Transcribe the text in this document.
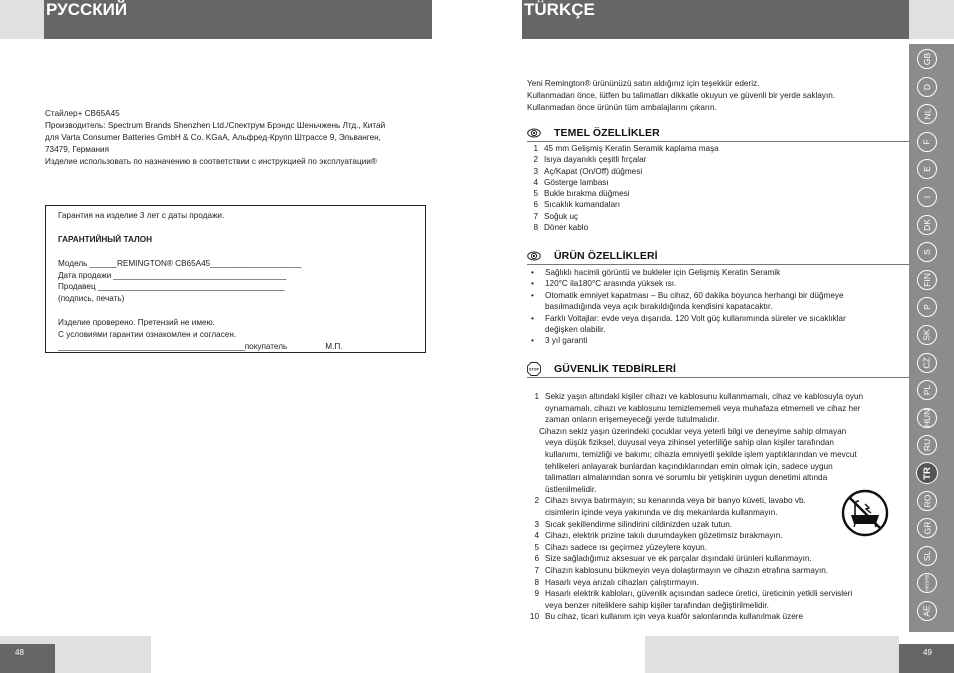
РУССКИЙ

Стайлер+ CB65A45

Производитель: Spectrum Brands Shenzhen Ltd./Спектрум Брэндс Шеньчжень Лтд., Китай

для Varta Consumer Batteries GmbH & Co. KGaA, Альфред-Крупп Штрассе 9, Эльванген,

73479, Германия

Изделие использовать по назначению в соответствии с инструкцией по эксплуатации®

Гарантия на изделие 3 лет с даты продажи.

ГАРАНТИЙНЫЙ ТАЛОН

Модель ______REMINGTON® CB65A45____________________
Дата продажи ______________________________________
Продавец _________________________________________
(подпись, печать)

Изделие проверено. Претензий не имею.
С условиями гарантии ознакомлен и согласен.
_________________________________________покупатель	М.П.
48
TÜRKÇE

Yeni Remington® ürününüzü satın aldığınız için teşekkür ederiz.

Kullanmadan önce, lütfen bu talimatları dikkatle okuyun ve güvenli bir yerde saklayın.

Kullanmadan önce ürünün tüm ambalajlarını çıkarın.

TEMEL ÖZELLİKLER
1 45 mm Gelişmiş Keratin Seramik kaplama maşa
2 Isıya dayanıklı çeşitli fırçalar
3 Aç/Kapat (On/Off) düğmesi
4 Gösterge lambası
5 Bukle bırakma düğmesi
6 Sıcaklık kumandaları
7 Soğuk uç
8 Döner kablo
ÜRÜN ÖZELLİKLERİ
•	Sağlıklı hacimli görüntü ve bukleler için Gelişmiş Keratin Seramik
•	120°C ila180°C arasında yüksek ısı.
•	Otomatik emniyet kapatması – Bu cihaz, 60 dakika boyunca herhangi bir düğmeye
basılmadığında veya açık bırakıldığında kendisini kapatacaktır.
•	Farklı Voltajlar: evde veya dışarıda. 120 Volt güç kullanımında süreler ve sıcaklıklar
değişken olabilir.
•	3 yıl garanti
STOP GÜVENLİK TEDBİRLERİ
1 Sekiz yaşın altındaki kişiler cihazı ve kablosunu kullanmamalı, cihaz ve kablosuyla oyun
oynamamalı, cihazı ve kablosunu temizlememeli veya muhafaza etmemeli ve cihaz her
zaman onların erişemeyeceği yerde tutulmalıdır.
Cihazın sekiz yaşın üzerindeki çocuklar veya yeterli bilgi ve deneyime sahip olmayan
veya düşük fiziksel, duyusal veya zihinsel yeterliliğe sahip olan kişiler tarafından
kullanımı, temizliği ve bakımı; cihazla emniyetli şekilde işlem yaptıklarından ve mevcut
tehlikeleri anlayarak bunlardan kaçındıklarından emin olmak için, sadece uygun
talimatları almalarından sonra ve sorumlu bir yetişkinin uygun denetimi altında
üstlenilmelidir.
2 Cihazı sıvıya batırmayın; su kenarında veya bir banyo küveti, lavabo vb.
cisimlerin içinde veya yakınında ve dış mekanlarda kullanmayın.
3 Sıcak şekillendirme silindirini cildinizden uzak tutun.
4 Cihazı, elektrik prizine takılı durumdayken gözetimsiz bırakmayın.
5 Cihazı sadece ısı geçirmez yüzeylere koyun.
6 Size sağladığımız aksesuar ve ek parçalar dışındaki ürünleri kullanmayın.
7 Cihazın kablosunu bükmeyin veya dolaştırmayın ve cihazın etrafına sarmayın.
8 Hasarlı veya arızalı cihazları çalıştırmayın.
9 Hasarlı elektrik kabloları, güvenlik açısından sadece üretici, üreticinin yetkili servisleri
veya benzer niteliklere sahip kişiler tarafından değiştirilmelidir.
10 Bu cihaz, ticari kullanım için veya kuaför salonlarında kullanılmak üzere
GB
D
NL
F
E
I
DK
S
FIN
P
SK
CZ
PL
HUN
RU
TR
RO
GR
SL
HR/SRB
AE
49
